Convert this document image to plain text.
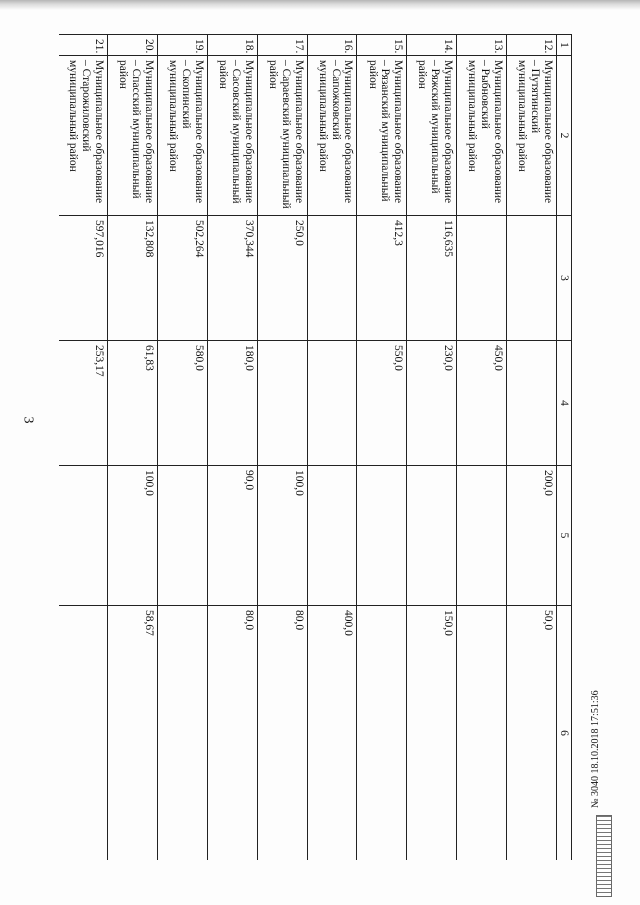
3
1	2	3	4	5	6
12.	Муниципальное образование – Путятинский муниципальный район			200,0	50,0
13.	Муниципальное образование – Рыбновский муниципальный район		450,0		
14.	Муниципальное образование – Ряжский муниципальный район	116,635	230,0		150,0
15.	Муниципальное образование – Рязанский муниципальный район	412,3	550,0		
16.	Муниципальное образование – Сапожковский муниципальный район				400,0
17.	Муниципальное образование – Сараевский муниципальный район	250,0		100,0	80,0
18.	Муниципальное образование – Сасовский муниципальный район	370,344	180,0	90,0	80,0
19.	Муниципальное образование – Скопинский муниципальный район	502,264	580,0		
20.	Муниципальное образование – Спасский муниципальный район	132,808	61,83	100,0	58,67
21.	Муниципальное образование – Старожиловский муниципальный район	597,016	253,17		
№ 3040 18.10.2018 17:51:36
